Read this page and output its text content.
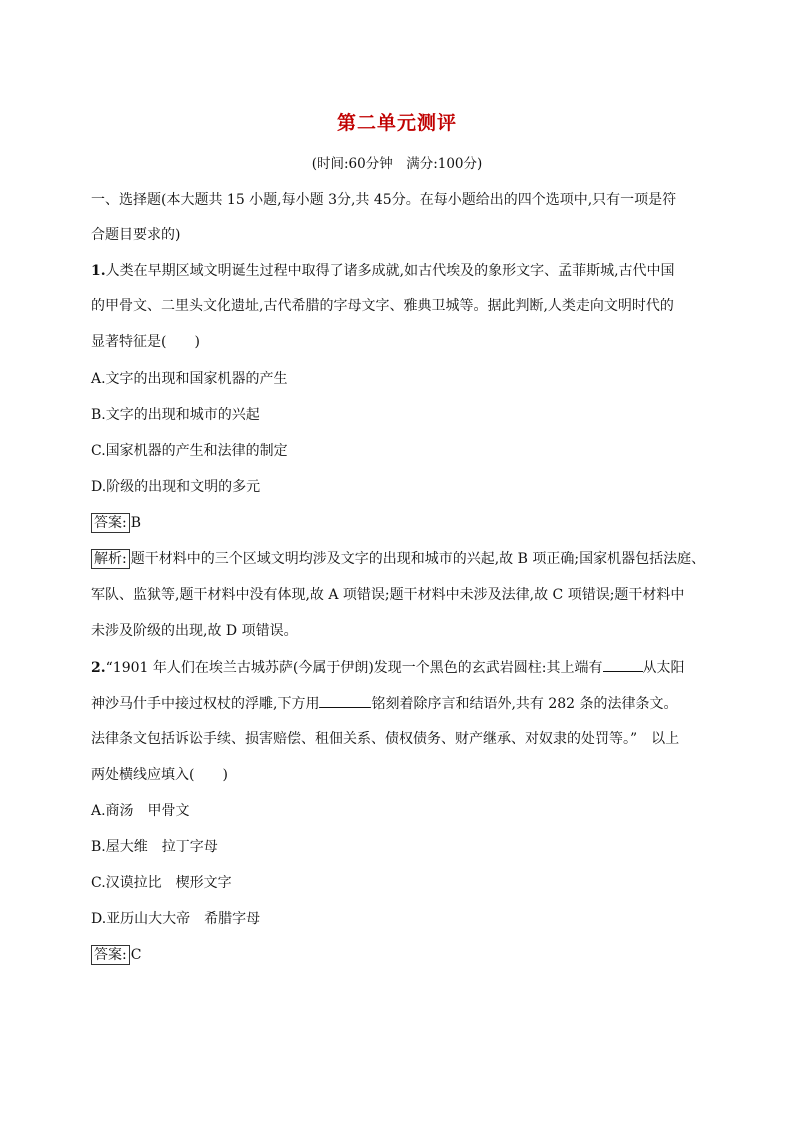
第二单元测评
(时间:60分钟　满分:100分)
一、选择题(本大题共 15 小题,每小题 3分,共 45分。在每小题给出的四个选项中,只有一项是符
合题目要求的)
1.人类在早期区域文明诞生过程中取得了诸多成就,如古代埃及的象形文字、孟菲斯城,古代中国
的甲骨文、二里头文化遗址,古代希腊的字母文字、雅典卫城等。据此判断,人类走向文明时代的
显著特征是(　　)
A.文字的出现和国家机器的产生
B.文字的出现和城市的兴起
C.国家机器的产生和法律的制定
D.阶级的出现和文明的多元
答案: B
解析: 题干材料中的三个区域文明均涉及文字的出现和城市的兴起,故 B 项正确;国家机器包括法庭、
军队、监狱等,题干材料中没有体现,故 A 项错误;题干材料中未涉及法律,故 C 项错误;题干材料中
未涉及阶级的出现,故 D 项错误。
2.“1901 年人们在埃兰古城苏萨(今属于伊朗)发现一个黑色的玄武岩圆柱:其上端有	从太阳
神沙马什手中接过权杖的浮雕,下方用	铭刻着除序言和结语外,共有 282 条的法律条文。
法律条文包括诉讼手续、损害赔偿、租佃关系、债权债务、财产继承、对奴隶的处罚等。”　以上
两处横线应填入(　　)
A.商汤　甲骨文
B.屋大维　拉丁字母
C.汉谟拉比　楔形文字
D.亚历山大大帝　希腊字母
答案: C
